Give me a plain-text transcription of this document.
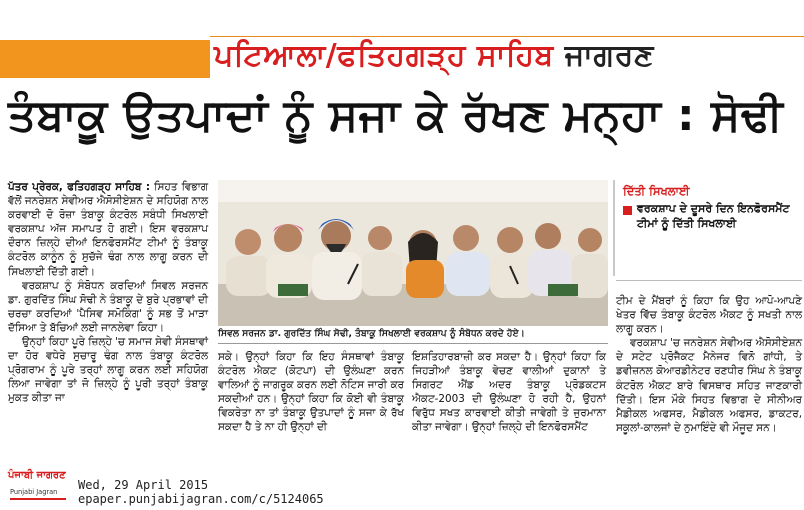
ਪਟਿਆਲਾ/ਫਤਿਹਗੜ੍ਹ ਸਾਹਿਬ ਜਾਗਰਣ
ਤੰਬਾਕੂ ਉਤਪਾਦਾਂ ਨੂੰ ਸਜਾ ਕੇ ਰੱਖਣ ਮਨ੍ਹਾ : ਸੋਢੀ

ਪੱਤਰ ਪ੍ਰੇਰਕ, ਫਤਿਹਗੜ੍ਹ ਸਾਹਿਬ : ਸਿਹਤ ਵਿਭਾਗ ਵੱਲੋਂ ਜਨਰੇਸ਼ਨ ਸੇਵੀਅਰ ਐਸੋਸੀਏਸ਼ਨ ਦੇ ਸਹਿਯੋਗ ਨਾਲ ਕਰਵਾਈ ਦੋ ਰੋਜ਼ਾ ਤੰਬਾਕੂ ਕੰਟਰੋਲ ਸਬੰਧੀ ਸਿਖਲਾਈ ਵਰਕਸ਼ਾਪ ਅੱਜ ਸਮਾਪਤ ਹੋ ਗਈ। ਇਸ ਵਰਕਸ਼ਾਪ ਦੌਰਾਨ ਜ਼ਿਲ੍ਹੇ ਦੀਆਂ ਇਨਫੋਰਸਮੈਂਟ ਟੀਮਾਂ ਨੂੰ ਤੰਬਾਕੂ ਕੰਟਰੋਲ ਕਾਨੂੰਨ ਨੂੰ ਸੁਚੱਜੇ ਢੰਗ ਨਾਲ ਲਾਗੂ ਕਰਨ ਦੀ ਸਿਖਲਾਈ ਦਿੱਤੀ ਗਈ।

ਵਰਕਸ਼ਾਪ ਨੂੰ ਸੰਬੋਧਨ ਕਰਦਿਆਂ ਸਿਵਲ ਸਰਜਨ ਡਾ. ਗੁਰਦਿੱਤ ਸਿੰਘ ਸੋਢੀ ਨੇ ਤੰਬਾਕੂ ਦੇ ਬੁਰੇ ਪ੍ਰਭਾਵਾਂ ਦੀ ਚਰਚਾ ਕਰਦਿਆਂ 'ਪੈਸਿਵ ਸਮੋਕਿੰਗ' ਨੂੰ ਸਭ ਤੋਂ ਮਾੜਾ ਦੱਸਿਆ ਤੇ ਬੱਚਿਆਂ ਲਈ ਜਾਨਲੇਵਾ ਕਿਹਾ।

ਉਨ੍ਹਾਂ ਕਿਹਾ ਪੂਰੇ ਜ਼ਿਲ੍ਹੇ 'ਚ ਸਮਾਜ ਸੇਵੀ ਸੰਸਥਾਵਾਂ ਦਾ ਹੋਰ ਵਧੇਰੇ ਸੁਚਾਰੂ ਢੰਗ ਨਾਲ ਤੰਬਾਕੂ ਕੰਟਰੋਲ ਪ੍ਰੋਗਰਾਮ ਨੂੰ ਪੂਰੇ ਤਰ੍ਹਾਂ ਲਾਗੂ ਕਰਨ ਲਈ ਸਹਿਯੋਗ ਲਿਆ ਜਾਵੇਗਾ ਤਾਂ ਜੋ ਜ਼ਿਲ੍ਹੇ ਨੂੰ ਪੂਰੀ ਤਰ੍ਹਾਂ ਤੰਬਾਕੂ ਮੁਕਤ ਕੀਤਾ ਜਾ

ਸਿਵਲ ਸਰਜਨ ਡਾ. ਗੁਰਦਿੱਤ ਸਿੰਘ ਸੋਢੀ, ਤੰਬਾਕੂ ਸਿਖਲਾਈ ਵਰਕਸ਼ਾਪ ਨੂੰ ਸੰਬੋਧਨ ਕਰਦੇ ਹੋਏ।

ਸਕੇ। ਉਨ੍ਹਾਂ ਕਿਹਾ ਕਿ ਇਹ ਸੰਸਥਾਵਾਂ ਤੰਬਾਕੂ ਕੰਟਰੋਲ ਐਕਟ (ਕੋਟਪਾ) ਦੀ ਉਲੰਘਣਾ ਕਰਨ ਵਾਲਿਆਂ ਨੂੰ ਜਾਗਰੂਕ ਕਰਨ ਲਈ ਨੋਟਿਸ ਜਾਰੀ ਕਰ ਸਕਦੀਆਂ ਹਨ। ਉਨ੍ਹਾਂ ਕਿਹਾ ਕਿ ਕੋਈ ਵੀ ਤੰਬਾਕੂ ਵਿਕਰੇਤਾ ਨਾ ਤਾਂ ਤੰਬਾਕੂ ਉਤਪਾਦਾਂ ਨੂੰ ਸਜਾ ਕੇ ਰੱਖ ਸਕਦਾ ਹੈ ਤੇ ਨਾ ਹੀ ਉਨ੍ਹਾਂ ਦੀ

ਇਸ਼ਤਿਹਾਰਬਾਜ਼ੀ ਕਰ ਸਕਦਾ ਹੈ। ਉਨ੍ਹਾਂ ਕਿਹਾ ਕਿ ਜਿਹੜੀਆਂ ਤੰਬਾਕੂ ਵੇਚਣ ਵਾਲੀਆਂ ਦੁਕਾਨਾਂ ਤੇ ਸਿਗਰਟ ਐਂਡ ਅਦਰ ਤੰਬਾਕੂ ਪ੍ਰੋਡਕਟਸ ਐਕਟ-2003 ਦੀ ਉਲੰਘਣਾ ਹੋ ਰਹੀ ਹੈ, ਉਹਨਾਂ ਵਿਰੁੱਧ ਸਖਤ ਕਾਰਵਾਈ ਕੀਤੀ ਜਾਵੇਗੀ ਤੇ ਜੁਰਮਾਨਾ ਕੀਤਾ ਜਾਵੇਗਾ। ਉਨ੍ਹਾਂ ਜ਼ਿਲ੍ਹੇ ਦੀ ਇਨਫੋਰਸਮੈਂਟ

ਦਿੱਤੀ ਸਿਖਲਾਈ
ਵਰਕਸ਼ਾਪ ਦੇ ਦੂਸਰੇ ਦਿਨ ਇਨਫੋਰਸਮੈਂਟ ਟੀਮਾਂ ਨੂੰ ਦਿੱਤੀ ਸਿਖਲਾਈ

ਟੀਮ ਦੇ ਮੈਂਬਰਾਂ ਨੂੰ ਕਿਹਾ ਕਿ ਉਹ ਆਪੋ-ਆਪਣੇ ਖੇਤਰ ਵਿੱਚ ਤੰਬਾਕੂ ਕੰਟਰੋਲ ਐਕਟ ਨੂੰ ਸਖਤੀ ਨਾਲ ਲਾਗੂ ਕਰਨ।

ਵਰਕਸ਼ਾਪ 'ਚ ਜਨਰੇਸ਼ਨ ਸੇਵੀਅਰ ਐਸੋਸੀਏਸ਼ਨ ਦੇ ਸਟੇਟ ਪ੍ਰੋਜੈਕਟ ਮੈਨੇਜਰ ਵਿਨੋ ਗਾਂਧੀ, ਤੇ ਡਵੀਜ਼ਨਲ ਕੋਆਰਡੀਨੇਟਰ ਰਣਧੀਰ ਸਿੰਘ ਨੇ ਤੰਬਾਕੂ ਕੰਟਰੋਲ ਐਕਟ ਬਾਰੇ ਵਿਸਥਾਰ ਸਹਿਤ ਜਾਣਕਾਰੀ ਦਿੱਤੀ। ਇਸ ਮੌਕੇ ਸਿਹਤ ਵਿਭਾਗ ਦੇ ਸੀਨੀਅਰ ਮੈਡੀਕਲ ਅਫਸਰ, ਮੈਡੀਕਲ ਅਫਸਰ, ਡਾਕਟਰ, ਸਕੂਲਾਂ-ਕਾਲਜਾਂ ਦੇ ਨੁਮਾਇੰਦੇ ਵੀ ਮੌਜੂਦ ਸਨ।

ਪੰਜਾਬੀ ਜਾਗਰਣ
Punjabi Jagran Wed, 29 April 2015
epaper.punjabijagran.com/c/5124065
